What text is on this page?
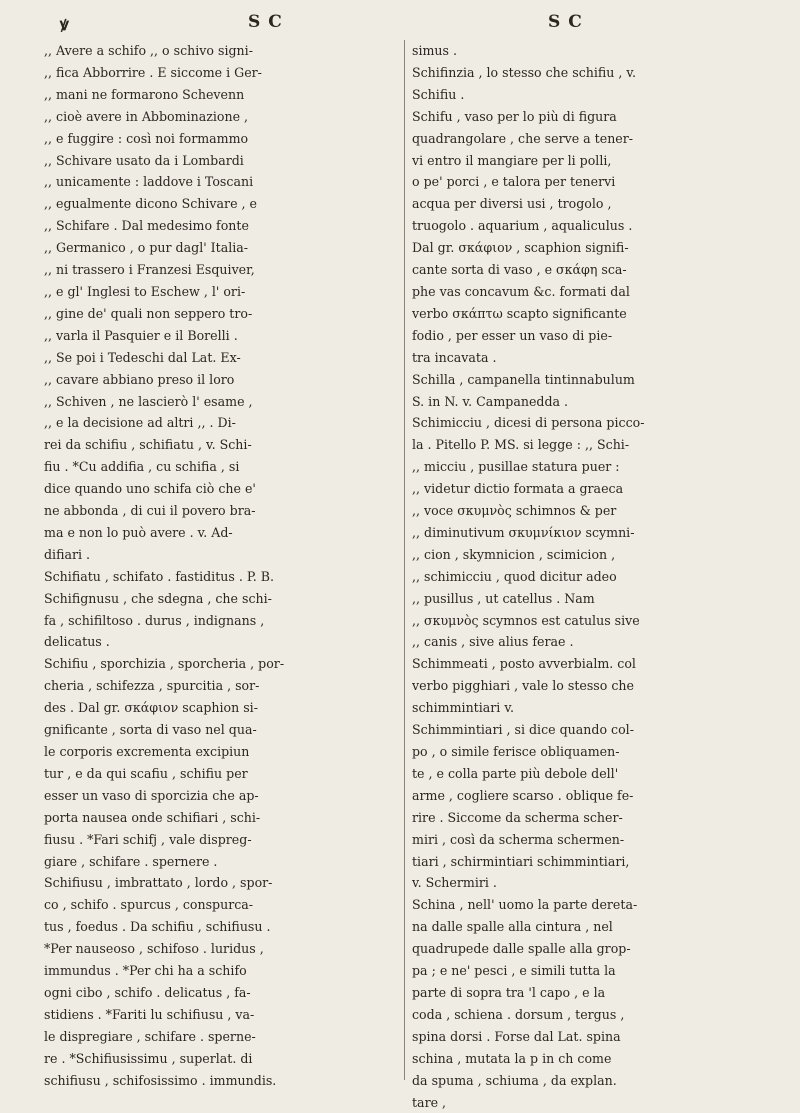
ꝟ	S C	S C

,, Avere a schifo ,, o schivo signi-

,, fica Abborrire . E siccome i Ger-

,, mani ne formarono Schevenn

,, cioè avere in Abbominazione ,

,, e fuggire : così noi formammo

,, Schivare usato da i Lombardi

,, unicamente : laddove i Toscani

,, egualmente dicono Schivare , e

,, Schifare . Dal medesimo fonte

,, Germanico , o pur dagl' Italia-

,, ni trassero i Franzesi Esquiver,

,, e gl' Inglesi to Eschew , l' ori-

,, gine de' quali non seppero tro-

,, varla il Pasquier e il Borelli .

,, Se poi i Tedeschi dal Lat. Ex-

,, cavare abbiano preso il loro

,, Schiven , ne lascierò l' esame ,

,, e la decisione ad altri ,, . Di-

rei da schifiu , schifiatu , v. Schi-

fiu . *Cu addifia , cu schifia , si

dice quando uno schifa ciò che e'

ne abbonda , di cui il povero bra-

ma e non lo può avere . v. Ad-

difiari .

Schifiatu , schifato . fastiditus . P. B.

Schifignusu , che sdegna , che schi-

fa , schifiltoso . durus , indignans ,

delicatus .

Schifiu , sporchizia , sporcheria , por-

cheria , schifezza , spurcitia , sor-

des . Dal gr. σκάφιον scaphion si-

gnificante , sorta di vaso nel qua-

le corporis excrementa excipiun

tur , e da qui scafiu , schifiu per

esser un vaso di sporcizia che ap-

porta nausea onde schifiari , schi-

fiusu . *Fari schifj , vale dispreg-

giare , schifare . spernere .

Schifiusu , imbrattato , lordo , spor-

co , schifo . spurcus , conspurca-

tus , foedus . Da schifiu , schifiusu .

*Per nauseoso , schifoso . luridus ,

immundus . *Per chi ha a schifo

ogni cibo , schifo . delicatus , fa-

stidiens . *Fariti lu schifiusu , va-

le dispregiare , schifare . sperne-

re . *Schifiusissimu , superlat. di

schifiusu , schifosissimo . immundis.

simus .

Schifinzia , lo stesso che schifiu , v.

Schifiu .

Schifu , vaso per lo più di figura

quadrangolare , che serve a tener-

vi entro il mangiare per li polli,

o pe' porci , e talora per tenervi

acqua per diversi usi , trogolo ,

truogolo . aquarium , aqualiculus .

Dal gr. σκάφιον , scaphion signifi-

cante sorta di vaso , e σκάφη sca-

phe vas concavum &c. formati dal

verbo σκάπτω scapto significante

fodio , per esser un vaso di pie-

tra incavata .

Schilla , campanella tintinnabulum

S. in N. v. Campanedda .

Schimicciu , dicesi di persona picco-

la . Pitello P. MS. si legge : ,, Schi-

,, micciu , pusillae statura puer :

,, videtur dictio formata a graeca

,, voce σκυμνὸς schimnos & per

,, diminutivum σκυμνίκιον scymni-

,, cion , skymnicion , scimicion ,

,, schimicciu , quod dicitur adeo

,, pusillus , ut catellus . Nam

,, σκυμνὸς scymnos est catulus sive

,, canis , sive alius ferae .

Schimmeati , posto avverbialm. col

verbo pigghiari , vale lo stesso che

schimmintiari v.

Schimmintiari , si dice quando col-

po , o simile ferisce obliquamen-

te , e colla parte più debole dell'

arme , cogliere scarso . oblique fe-

rire . Siccome da scherma scher-

miri , così da scherma schermen-

tiari , schirmintiari schimmintiari,

v. Schermiri .

Schina , nell' uomo la parte dereta-

na dalle spalle alla cintura , nel

quadrupede dalle spalle alla grop-

pa ; e ne' pesci , e simili tutta la

parte di sopra tra 'l capo , e la

coda , schiena . dorsum , tergus ,

spina dorsi . Forse dal Lat. spina

schina , mutata la p in ch come

da spuma , schiuma , da explan.

tare ,
